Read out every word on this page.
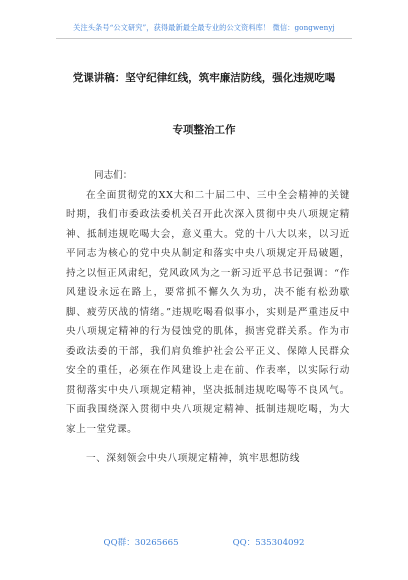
关注头条号“公文研究”，获得最新最全最专业的公文资料库！ 微信：gongwenyj
党课讲稿：坚守纪律红线，筑牢廉洁防线，强化违规吃喝
专项整治工作

同志们：

在全面贯彻党的XX大和二十届二中、三中全会精神的关键时期，我们市委政法委机关召开此次深入贯彻中央八项规定精神、抵制违规吃喝大会，意义重大。党的十八大以来，以习近平同志为核心的党中央从制定和落实中央八项规定开局破题，持之以恒正风肃纪，党风政风为之一新习近平总书记强调：“作风建设永远在路上，要常抓不懈久久为功，决不能有松劲歇脚、疲劳厌战的情绪。”违规吃喝看似事小，实则是严重违反中央八项规定精神的行为侵蚀党的肌体，损害党群关系。作为市委政法委的干部，我们肩负维护社会公平正义、保障人民群众安全的重任，必须在作风建设上走在前、作表率，以实际行动贯彻落实中央八项规定精神，坚决抵制违规吃喝等不良风气。下面我围绕深入贯彻中央八项规定精神、抵制违规吃喝，为大家上一堂党课。

一、深刻领会中央八项规定精神，筑牢思想防线

QQ群：30265665	QQ：535304092
